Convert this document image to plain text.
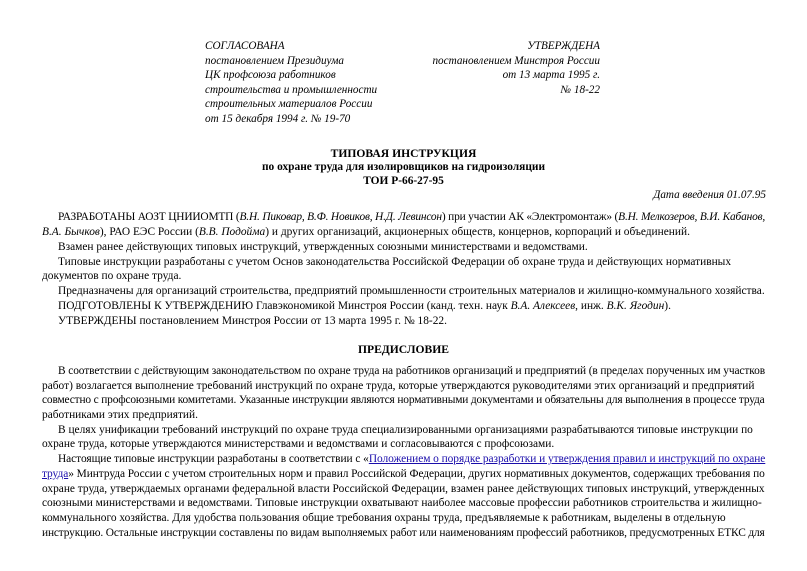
СОГЛАСОВАНА
постановлением Президиума
ЦК профсоюза работников
строительства и промышленности
строительных материалов России
от 15 декабря 1994 г. № 19-70
УТВЕРЖДЕНА
постановлением Минстроя России
от 13 марта 1995 г.
№ 18-22
ТИПОВАЯ ИНСТРУКЦИЯ
по охране труда для изолировщиков на гидроизоляции
ТОИ Р-66-27-95
Дата введения 01.07.95
РАЗРАБОТАНЫ АОЗТ ЦНИИОМТП (В.Н. Пиковар, В.Ф. Новиков, Н.Д. Левинсон) при участии АК «Электромонтаж» (В.Н. Мелкозеров, В.И. Кабанов,
В.А. Бычков), РАО ЕЭС России (В.В. Подойма) и других организаций, акционерных обществ, концернов, корпораций и объединений.
Взамен ранее действующих типовых инструкций, утвержденных союзными министерствами и ведомствами.
Типовые инструкции разработаны с учетом Основ законодательства Российской Федерации об охране труда и действующих нормативных
документов по охране труда.
Предназначены для организаций строительства, предприятий промышленности строительных материалов и жилищно-коммунального хозяйства.
ПОДГОТОВЛЕНЫ К УТВЕРЖДЕНИЮ Главэкономикой Минстроя России (канд. техн. наук В.А. Алексеев, инж. В.К. Ягодин).
УТВЕРЖДЕНЫ постановлением Минстроя России от 13 марта 1995 г. № 18-22.
ПРЕДИСЛОВИЕ
В соответствии с действующим законодательством по охране труда на работников организаций и предприятий (в пределах порученных им участков
работ) возлагается выполнение требований инструкций по охране труда, которые утверждаются руководителями этих организаций и предприятий
совместно с профсоюзными комитетами. Указанные инструкции являются нормативными документами и обязательны для выполнения в процессе труда
работниками этих предприятий.
В целях унификации требований инструкций по охране труда специализированными организациями разрабатываются типовые инструкции по
охране труда, которые утверждаются министерствами и ведомствами и согласовываются с профсоюзами.
Настоящие типовые инструкции разработаны в соответствии с «Положением о порядке разработки и утверждения правил и инструкций по охране
труда» Минтруда России с учетом строительных норм и правил Российской Федерации, других нормативных документов, содержащих требования по
охране труда, утверждаемых органами федеральной власти Российской Федерации, взамен ранее действующих типовых инструкций, утвержденных
союзными министерствами и ведомствами. Типовые инструкции охватывают наиболее массовые профессии работников строительства и жилищно-
коммунального хозяйства. Для удобства пользования общие требования охраны труда, предъявляемые к работникам, выделены в отдельную
инструкцию. Остальные инструкции составлены по видам выполняемых работ или наименованиям профессий работников, предусмотренных ЕТКС для
